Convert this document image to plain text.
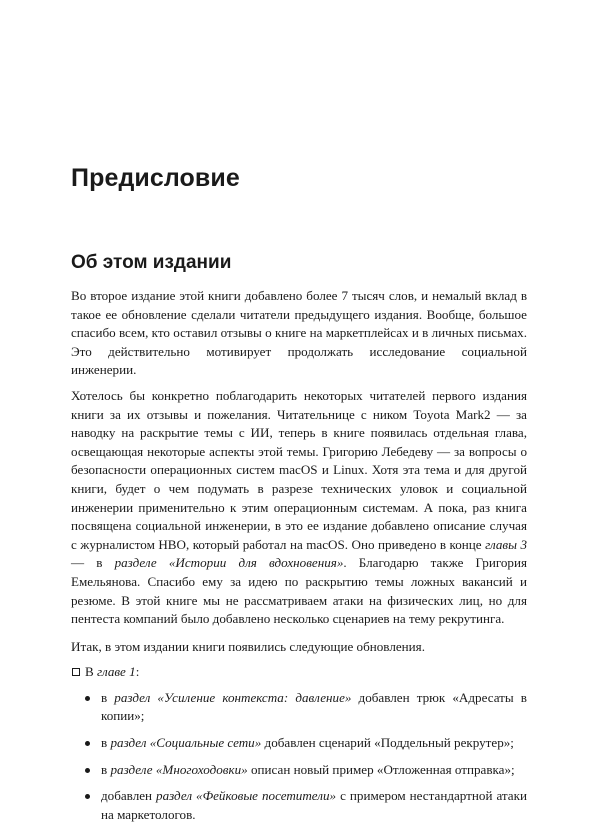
Предисловие
Об этом издании

Во второе издание этой книги добавлено более 7 тысяч слов, и немалый вклад в такое ее обновление сделали читатели предыдущего издания. Вообще, большое спасибо всем, кто оставил отзывы о книге на маркетплейсах и в личных письмах. Это действительно мотивирует продолжать исследование социальной инженерии.

Хотелось бы конкретно поблагодарить некоторых читателей первого издания книги за их отзывы и пожелания. Читательнице с ником Toyota Mark2 — за наводку на раскрытие темы с ИИ, теперь в книге появилась отдельная глава, освещающая некоторые аспекты этой темы. Григорию Лебедеву — за вопросы о безопасности операционных систем macOS и Linux. Хотя эта тема и для другой книги, будет о чем подумать в разрезе технических уловок и социальной инженерии применительно к этим операционным системам. А пока, раз книга посвящена социальной инженерии, в это ее издание добавлено описание случая с журналистом НВО, который работал на macOS. Оно приведено в конце главы 3 — в разделе «Истории для вдохновения». Благодарю также Григория Емельянова. Спасибо ему за идею по раскрытию темы ложных вакансий и резюме. В этой книге мы не рассматриваем атаки на физических лиц, но для пентеста компаний было добавлено несколько сценариев на тему рекрутинга.

Итак, в этом издании книги появились следующие обновления.

В главе 1:
в раздел «Усиление контекста: давление» добавлен трюк «Адресаты в копии»;
в раздел «Социальные сети» добавлен сценарий «Поддельный рекрутер»;
в разделе «Многоходовки» описан новый пример «Отложенная отправка»;
добавлен раздел «Фейковые посетители» с примером нестандартной атаки на маркетологов.
